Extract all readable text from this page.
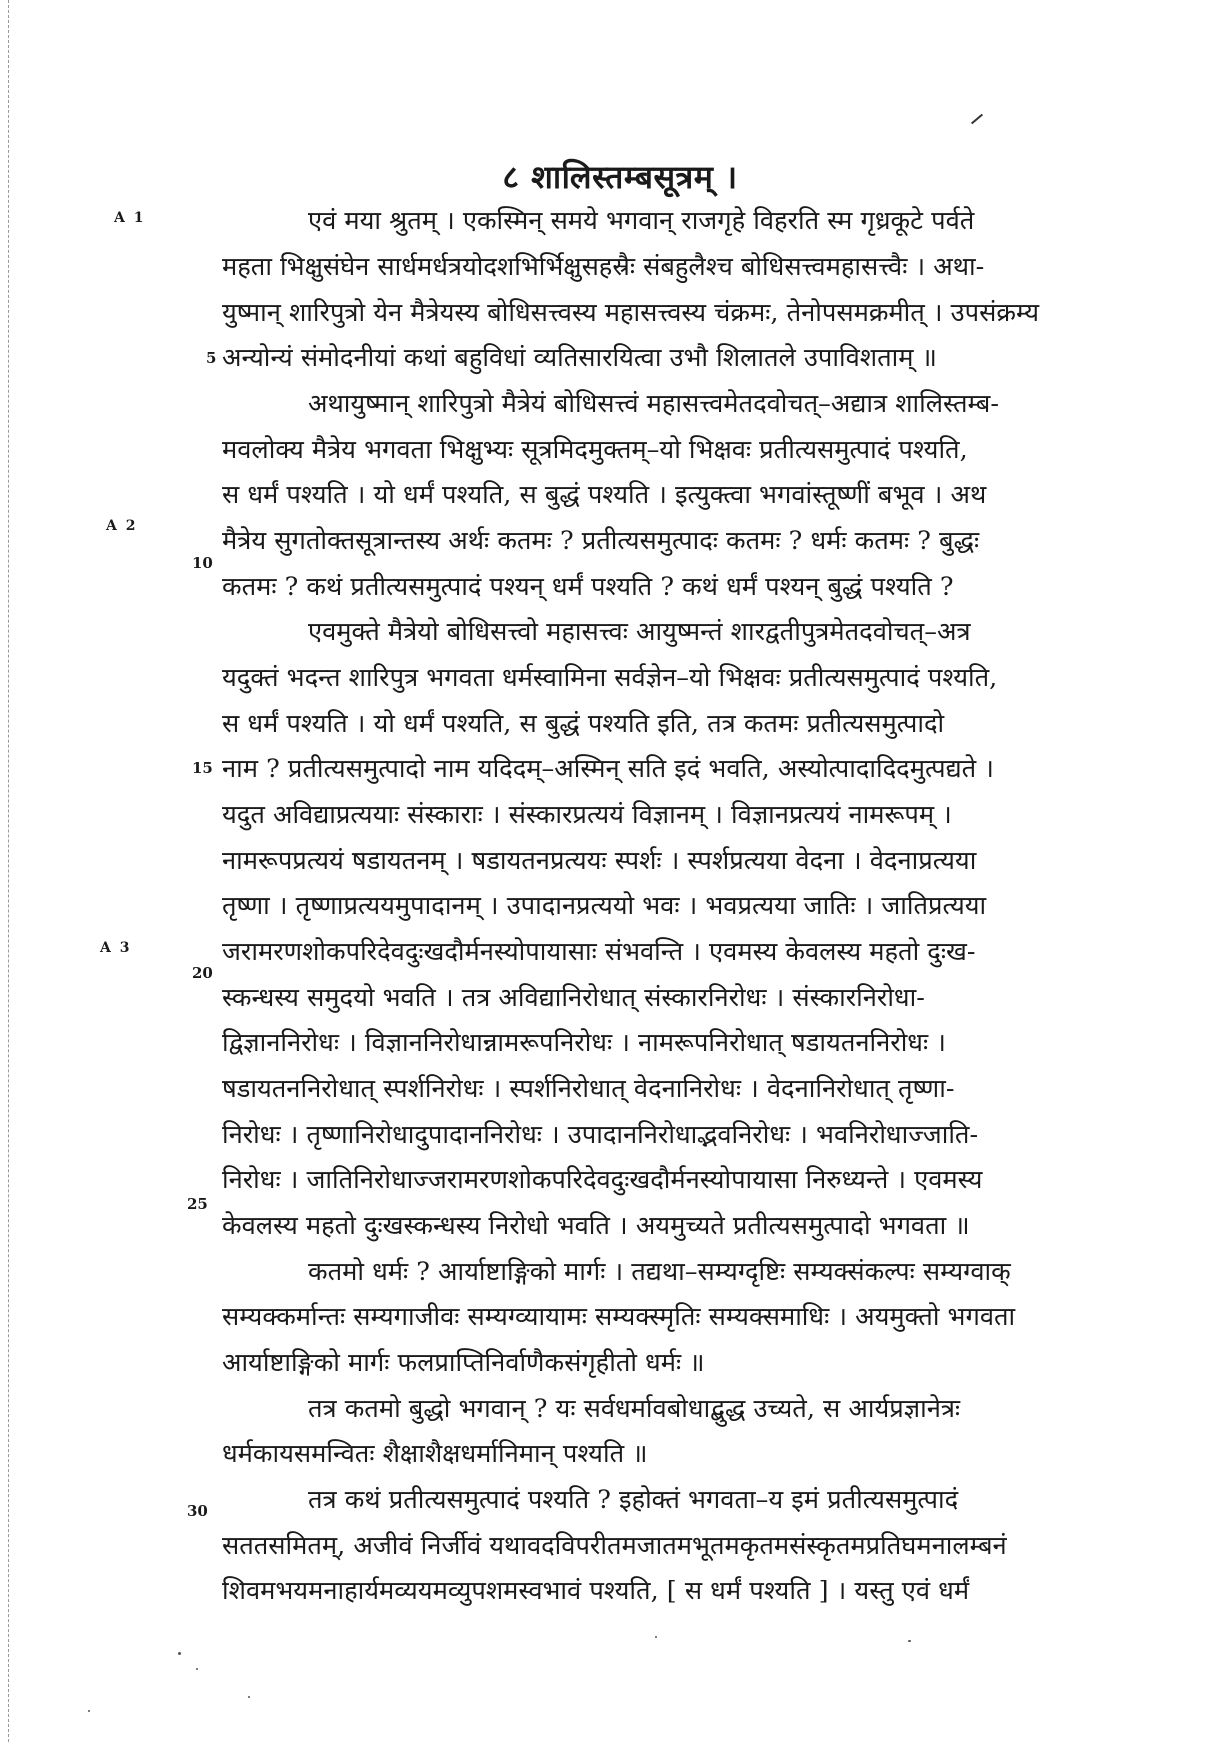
८ शालिस्तम्बसूत्रम् ।
A 1
A 2
A 3
5
10
15
20
25
30
एवं मया श्रुतम् । एकस्मिन् समये भगवान् राजगृहे विहरति स्म गृध्रकूटे पर्वते
महता भिक्षुसंघेन सार्धमर्धत्रयोदशभिर्भिक्षुसहस्रैः संबहुलैश्च बोधिसत्त्वमहासत्त्वैः । अथा-
युष्मान् शारिपुत्रो येन मैत्रेयस्य बोधिसत्त्वस्य महासत्त्वस्य चंक्रमः, तेनोपसमक्रमीत् । उपसंक्रम्य
अन्योन्यं संमोदनीयां कथां बहुविधां व्यतिसारयित्वा उभौ शिलातले उपाविशताम् ॥
अथायुष्मान् शारिपुत्रो मैत्रेयं बोधिसत्त्वं महासत्त्वमेतदवोचत्–अद्यात्र शालिस्तम्ब-
मवलोक्य मैत्रेय भगवता भिक्षुभ्यः सूत्रमिदमुक्तम्–यो भिक्षवः प्रतीत्यसमुत्पादं पश्यति,
स धर्मं पश्यति । यो धर्मं पश्यति, स बुद्धं पश्यति । इत्युक्त्वा भगवांस्तूष्णीं बभूव । अथ
मैत्रेय सुगतोक्तसूत्रान्तस्य अर्थः कतमः ? प्रतीत्यसमुत्पादः कतमः ? धर्मः कतमः ? बुद्धः
कतमः ? कथं प्रतीत्यसमुत्पादं पश्यन् धर्मं पश्यति ? कथं धर्मं पश्यन् बुद्धं पश्यति ?
एवमुक्ते मैत्रेयो बोधिसत्त्वो महासत्त्वः आयुष्मन्तं शारद्वतीपुत्रमेतदवोचत्–अत्र
यदुक्तं भदन्त शारिपुत्र भगवता धर्मस्वामिना सर्वज्ञेन–यो भिक्षवः प्रतीत्यसमुत्पादं पश्यति,
स धर्मं पश्यति । यो धर्मं पश्यति, स बुद्धं पश्यति इति, तत्र कतमः प्रतीत्यसमुत्पादो
नाम ? प्रतीत्यसमुत्पादो नाम यदिदम्–अस्मिन् सति इदं भवति, अस्योत्पादादिदमुत्पद्यते ।
यदुत अविद्याप्रत्ययाः संस्काराः । संस्कारप्रत्ययं विज्ञानम् । विज्ञानप्रत्ययं नामरूपम् ।
नामरूपप्रत्ययं षडायतनम् । षडायतनप्रत्ययः स्पर्शः । स्पर्शप्रत्यया वेदना । वेदनाप्रत्यया
तृष्णा । तृष्णाप्रत्ययमुपादानम् । उपादानप्रत्ययो भवः । भवप्रत्यया जातिः । जातिप्रत्यया
जरामरणशोकपरिदेवदुःखदौर्मनस्योपायासाः संभवन्ति । एवमस्य केवलस्य महतो दुःख-
स्कन्धस्य समुदयो भवति । तत्र अविद्यानिरोधात् संस्कारनिरोधः । संस्कारनिरोधा-
द्विज्ञाननिरोधः । विज्ञाननिरोधान्नामरूपनिरोधः । नामरूपनिरोधात् षडायतननिरोधः ।
षडायतननिरोधात् स्पर्शनिरोधः । स्पर्शनिरोधात् वेदनानिरोधः । वेदनानिरोधात् तृष्णा-
निरोधः । तृष्णानिरोधादुपादाननिरोधः । उपादाननिरोधाद्भवनिरोधः । भवनिरोधाज्जाति-
निरोधः । जातिनिरोधाज्जरामरणशोकपरिदेवदुःखदौर्मनस्योपायासा निरुध्यन्ते । एवमस्य
केवलस्य महतो दुःखस्कन्धस्य निरोधो भवति । अयमुच्यते प्रतीत्यसमुत्पादो भगवता ॥
कतमो धर्मः ? आर्याष्टाङ्गिको मार्गः । तद्यथा–सम्यग्दृष्टिः सम्यक्संकल्पः सम्यग्वाक्
सम्यक्कर्मान्तः सम्यगाजीवः सम्यग्व्यायामः सम्यक्स्मृतिः सम्यक्समाधिः । अयमुक्तो भगवता
आर्याष्टाङ्गिको मार्गः फलप्राप्तिनिर्वाणैकसंगृहीतो धर्मः ॥
तत्र कतमो बुद्धो भगवान् ? यः सर्वधर्मावबोधाद्बुद्ध उच्यते, स आर्यप्रज्ञानेत्रः
धर्मकायसमन्वितः शैक्षाशैक्षधर्मानिमान् पश्यति ॥
तत्र कथं प्रतीत्यसमुत्पादं पश्यति ? इहोक्तं भगवता–य इमं प्रतीत्यसमुत्पादं
सततसमितम्, अजीवं निर्जीवं यथावदविपरीतमजातमभूतमकृतमसंस्कृतमप्रतिघमनालम्बनं
शिवमभयमनाहार्यमव्ययमव्युपशमस्वभावं पश्यति, [ स धर्मं पश्यति ] । यस्तु एवं धर्मं
